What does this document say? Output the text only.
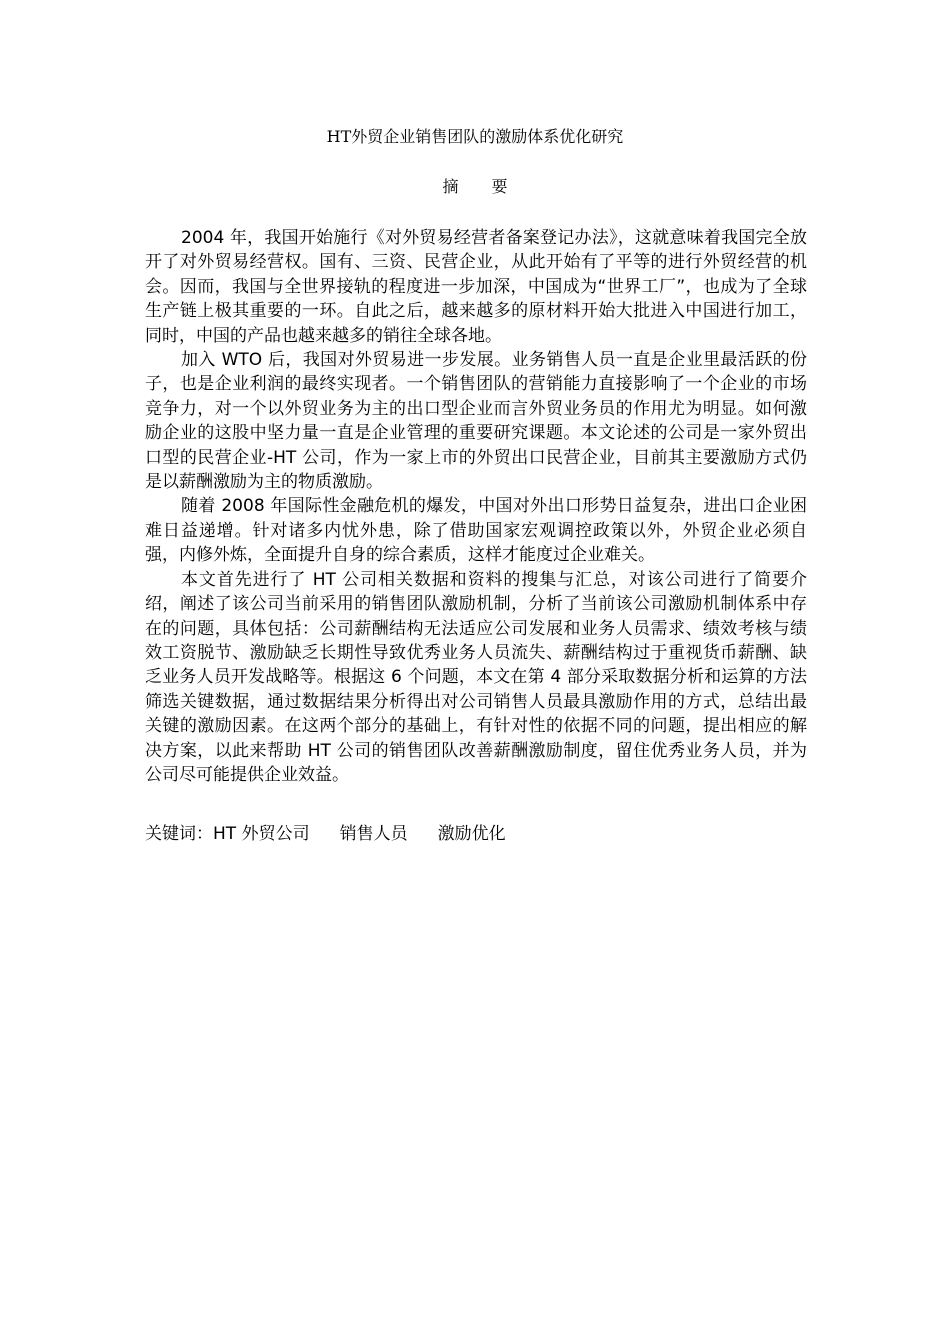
HT外贸企业销售团队的激励体系优化研究
摘 要

2004 年，我国开始施行《对外贸易经营者备案登记办法》，这就意味着我国完全放开了对外贸易经营权。国有、三资、民营企业，从此开始有了平等的进行外贸经营的机会。因而，我国与全世界接轨的程度进一步加深，中国成为“世界工厂”，也成为了全球生产链上极其重要的一环。自此之后，越来越多的原材料开始大批进入中国进行加工，同时，中国的产品也越来越多的销往全球各地。

加入 WTO 后，我国对外贸易进一步发展。业务销售人员一直是企业里最活跃的份子，也是企业利润的最终实现者。一个销售团队的营销能力直接影响了一个企业的市场竞争力，对一个以外贸业务为主的出口型企业而言外贸业务员的作用尤为明显。如何激励企业的这股中坚力量一直是企业管理的重要研究课题。本文论述的公司是一家外贸出口型的民营企业-HT 公司，作为一家上市的外贸出口民营企业，目前其主要激励方式仍是以薪酬激励为主的物质激励。

随着 2008 年国际性金融危机的爆发，中国对外出口形势日益复杂，进出口企业困难日益递增。针对诸多内忧外患，除了借助国家宏观调控政策以外，外贸企业必须自强，内修外炼，全面提升自身的综合素质，这样才能度过企业难关。

本文首先进行了 HT 公司相关数据和资料的搜集与汇总，对该公司进行了简要介绍，阐述了该公司当前采用的销售团队激励机制，分析了当前该公司激励机制体系中存在的问题，具体包括：公司薪酬结构无法适应公司发展和业务人员需求、绩效考核与绩效工资脱节、激励缺乏长期性导致优秀业务人员流失、薪酬结构过于重视货币薪酬、缺乏业务人员开发战略等。根据这 6 个问题，本文在第 4 部分采取数据分析和运算的方法筛选关键数据，通过数据结果分析得出对公司销售人员最具激励作用的方式，总结出最关键的激励因素。在这两个部分的基础上，有针对性的依据不同的问题，提出相应的解决方案，以此来帮助 HT 公司的销售团队改善薪酬激励制度，留住优秀业务人员，并为公司尽可能提供企业效益。

关键词：HT 外贸公司 销售人员 激励优化
